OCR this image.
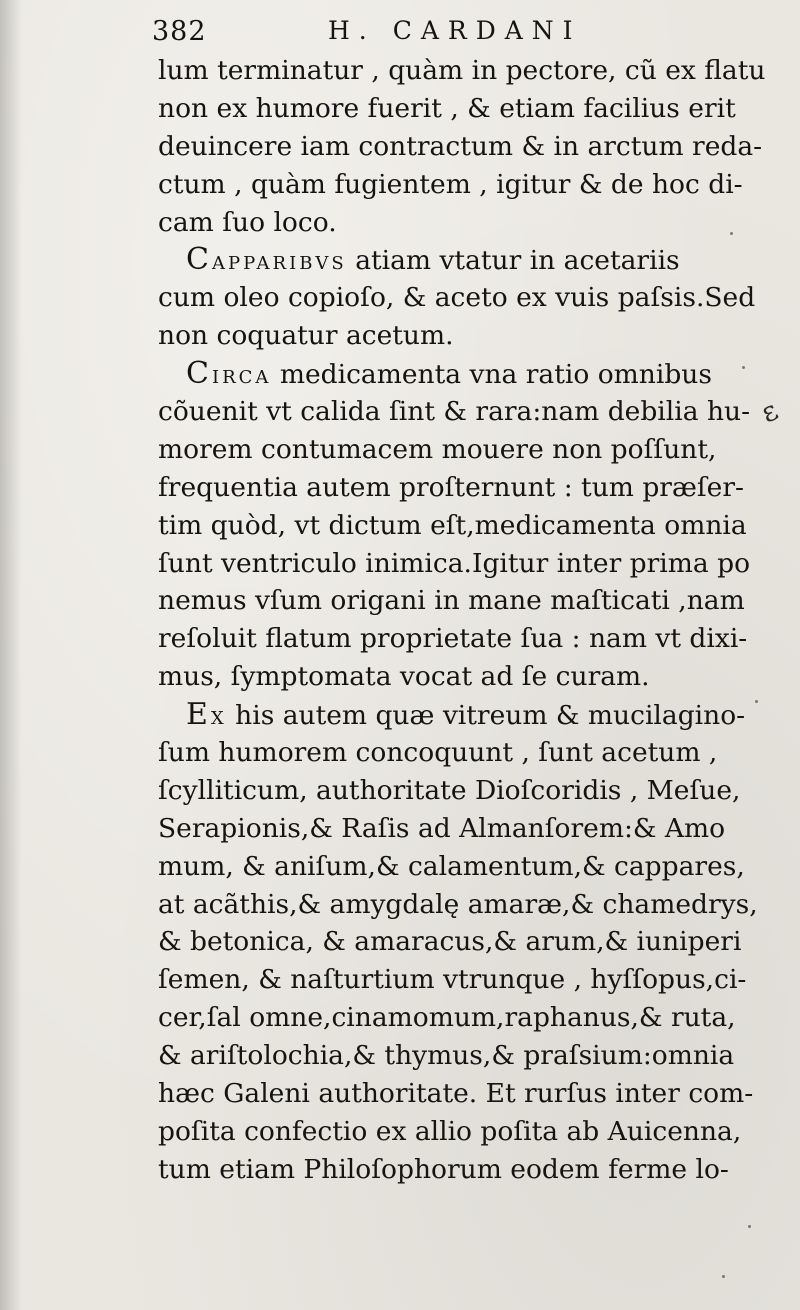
382	H. CARDANI
lum terminatur , quàm in pectore, cũ ex flatu
non ex humore fuerit , & etiam facilius erit
deuincere iam contractum & in arctum reda-
ctum , quàm fugientem , igitur & de hoc di-
cam ſuo loco.
CAPPARIBVS atiam vtatur in acetariis
cum oleo copioſo, & aceto ex vuis paſsis.Sed
non coquatur acetum.
CIRCA medicamenta vna ratio omnibus
cõuenit vt calida ſint & rara:nam debilia hu-
morem contumacem mouere non poſſunt,
frequentia autem proſternunt : tum præſer-
tim quòd, vt dictum eſt,medicamenta omnia
ſunt ventriculo inimica.Igitur inter prima po
nemus vſum origani in mane maſticati ,nam
reſoluit flatum proprietate ſua : nam vt dixi-
mus, ſymptomata vocat ad ſe curam.
EX his autem quæ vitreum & mucilagino-
ſum humorem concoquunt , ſunt acetum ,
ſcylliticum, authoritate Dioſcoridis , Meſue,
Serapionis,& Raſis ad Almanſorem:& Amo
mum, & aniſum,& calamentum,& cappares,
at acãthis,& amygdalę amaræ,& chamedrys,
& betonica, & amaracus,& arum,& iuniperi
ſemen, & naſturtium vtrunque , hyſſopus,ci-
cer,ſal omne,cinamomum,raphanus,& ruta,
& ariſtolochia,& thymus,& praſsium:omnia
hæc Galeni authoritate. Et rurſus inter com-
poſita confectio ex allio poſita ab Auicenna,
tum etiam Philoſophorum eodem ferme lo-
ɛ
